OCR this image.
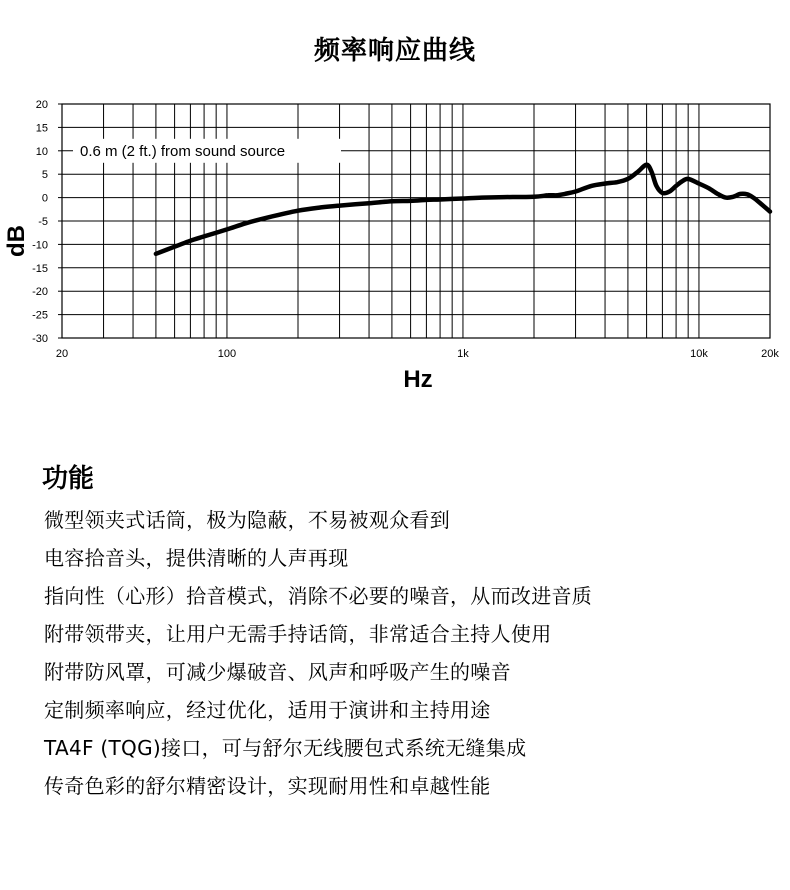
频率响应曲线
20
15
10
5
0
-5
-10
-15
-20
-25
-30
20	100	1k	10k	20k
Hz
dB
0.6 m (2 ft.) from sound source
功能
微型领夹式话筒，极为隐蔽，不易被观众看到
电容拾音头，提供清晰的人声再现
指向性（心形）拾音模式，消除不必要的噪音，从而改进音质
附带领带夹，让用户无需手持话筒，非常适合主持人使用
附带防风罩，可减少爆破音、风声和呼吸产生的噪音
定制频率响应，经过优化，适用于演讲和主持用途
TA4F (TQG)接口，可与舒尔无线腰包式系统无缝集成
传奇色彩的舒尔精密设计，实现耐用性和卓越性能
